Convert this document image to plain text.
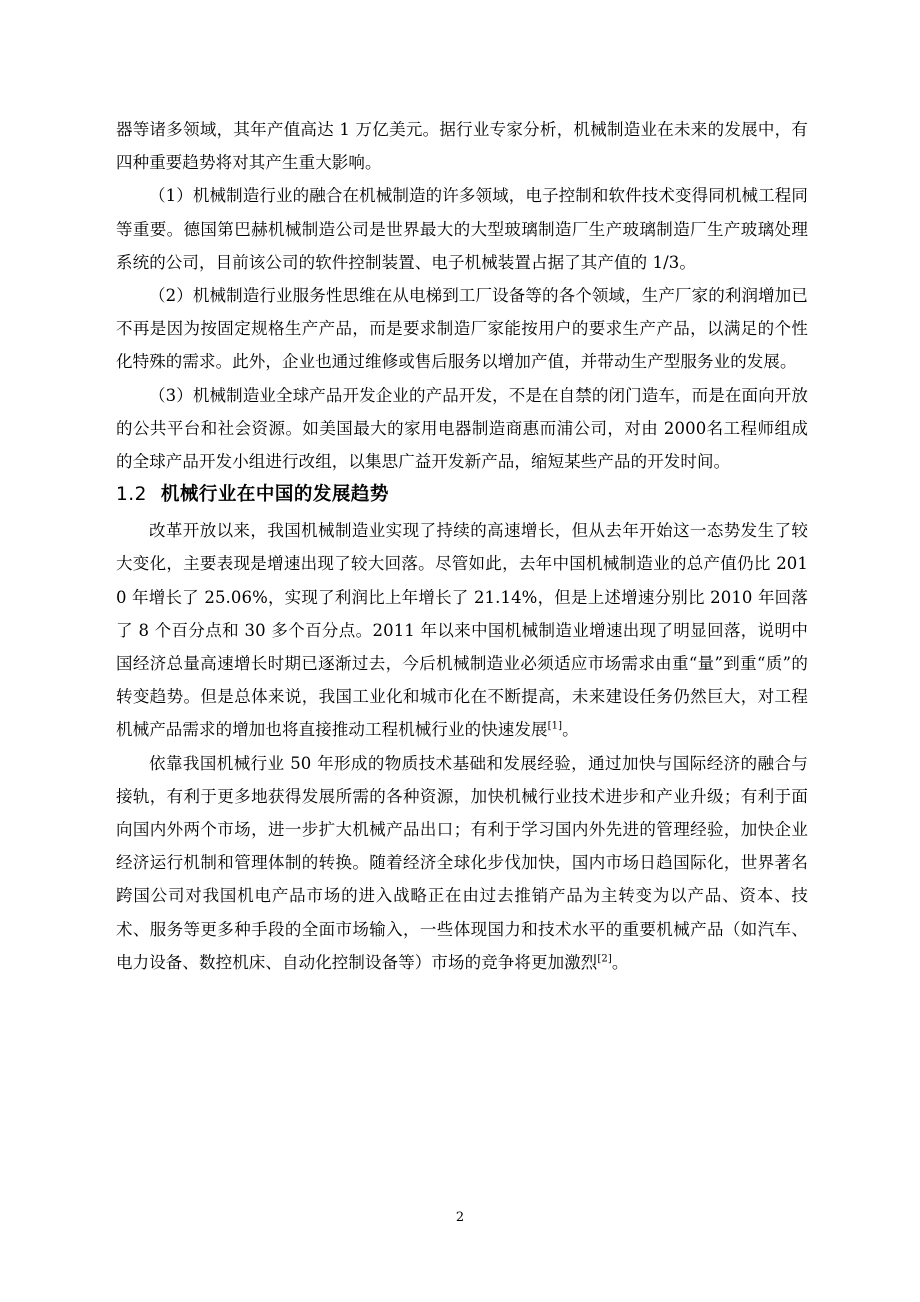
器等诸多领域，其年产值高达 1 万亿美元。据行业专家分析，机械制造业在未来的发展中，有四种重要趋势将对其产生重大影响。

（1）机械制造行业的融合在机械制造的许多领域，电子控制和软件技术变得同机械工程同等重要。德国第巴赫机械制造公司是世界最大的大型玻璃制造厂生产玻璃制造厂生产玻璃处理系统的公司，目前该公司的软件控制装置、电子机械装置占据了其产值的 1/3。

（2）机械制造行业服务性思维在从电梯到工厂设备等的各个领域，生产厂家的利润增加已不再是因为按固定规格生产产品，而是要求制造厂家能按用户的要求生产产品，以满足的个性化特殊的需求。此外，企业也通过维修或售后服务以增加产值，并带动生产型服务业的发展。

（3）机械制造业全球产品开发企业的产品开发，不是在自禁的闭门造车，而是在面向开放的公共平台和社会资源。如美国最大的家用电器制造商惠而浦公司，对由 2000名工程师组成的全球产品开发小组进行改组，以集思广益开发新产品，缩短某些产品的开发时间。

1.2 机械行业在中国的发展趋势

改革开放以来，我国机械制造业实现了持续的高速增长，但从去年开始这一态势发生了较大变化，主要表现是增速出现了较大回落。尽管如此，去年中国机械制造业的总产值仍比 2010 年增长了 25.06%，实现了利润比上年增长了 21.14%，但是上述增速分别比 2010 年回落了 8 个百分点和 30 多个百分点。2011 年以来中国机械制造业增速出现了明显回落，说明中国经济总量高速增长时期已逐渐过去，今后机械制造业必须适应市场需求由重“量”到重“质”的转变趋势。但是总体来说，我国工业化和城市化在不断提高，未来建设任务仍然巨大，对工程机械产品需求的增加也将直接推动工程机械行业的快速发展[1]。

依靠我国机械行业 50 年形成的物质技术基础和发展经验，通过加快与国际经济的融合与接轨，有利于更多地获得发展所需的各种资源，加快机械行业技术进步和产业升级；有利于面向国内外两个市场，进一步扩大机械产品出口；有利于学习国内外先进的管理经验，加快企业经济运行机制和管理体制的转换。随着经济全球化步伐加快，国内市场日趋国际化，世界著名跨国公司对我国机电产品市场的进入战略正在由过去推销产品为主转变为以产品、资本、技术、服务等更多种手段的全面市场输入，一些体现国力和技术水平的重要机械产品（如汽车、电力设备、数控机床、自动化控制设备等）市场的竞争将更加激烈[2]。

2
